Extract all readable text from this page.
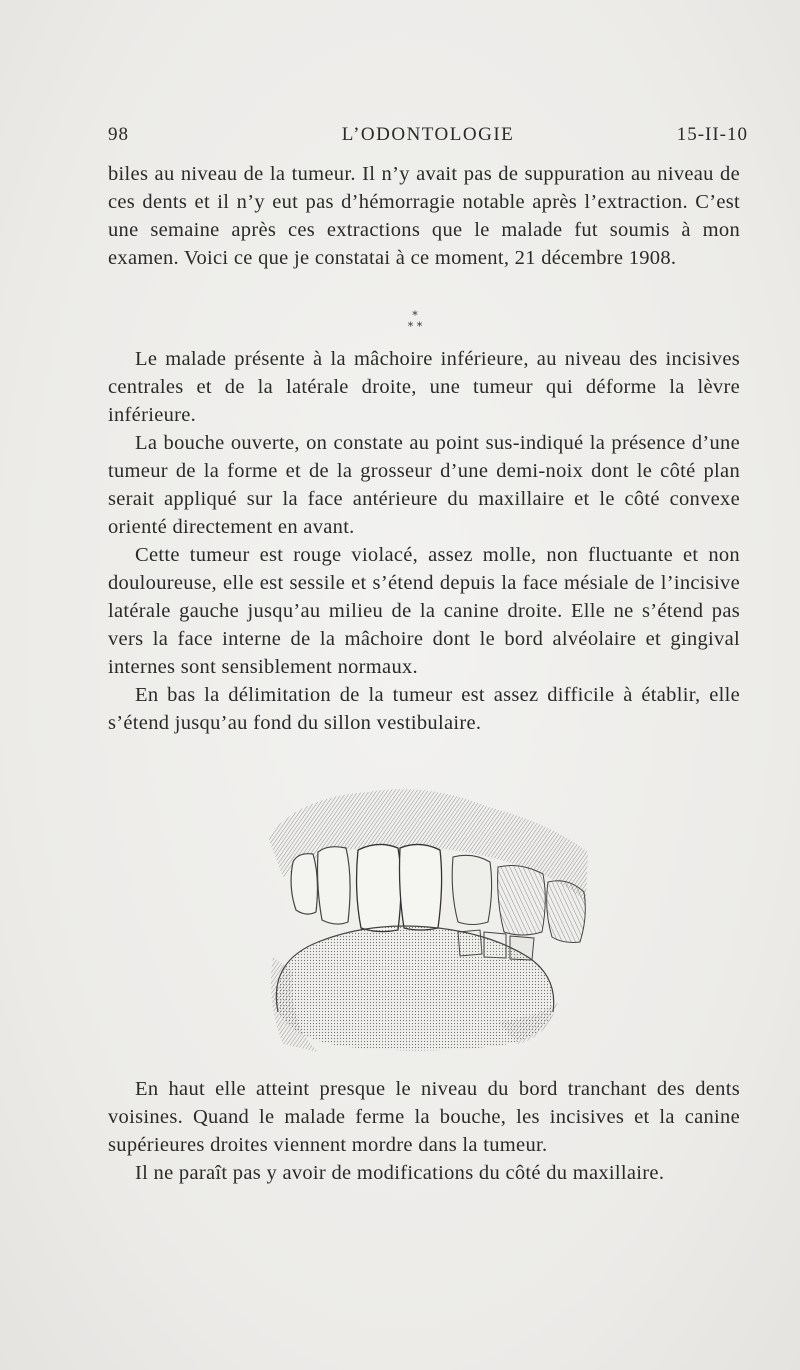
98	L’ODONTOLOGIE	15-II-10

biles au niveau de la tumeur. Il n’y avait pas de suppuration au niveau de ces dents et il n’y eut pas d’hémorragie notable après l’extraction. C’est une semaine après ces extractions que le malade fut soumis à mon examen. Voici ce que je constatai à ce moment, 21 décembre 1908.

*
* *

Le malade présente à la mâchoire inférieure, au niveau des incisives centrales et de la latérale droite, une tumeur qui déforme la lèvre inférieure.

La bouche ouverte, on constate au point sus-indiqué la présence d’une tumeur de la forme et de la grosseur d’une demi-noix dont le côté plan serait appliqué sur la face antérieure du maxillaire et le côté convexe orienté directement en avant.

Cette tumeur est rouge violacé, assez molle, non fluctuante et non douloureuse, elle est sessile et s’étend depuis la face mésiale de l’incisive latérale gauche jusqu’au milieu de la canine droite. Elle ne s’étend pas vers la face interne de la mâchoire dont le bord alvéolaire et gingival internes sont sensiblement normaux.

En bas la délimitation de la tumeur est assez difficile à établir, elle s’étend jusqu’au fond du sillon vestibulaire.

En haut elle atteint presque le niveau du bord tranchant des dents voisines. Quand le malade ferme la bouche, les incisives et la canine supérieures droites viennent mordre dans la tumeur.

Il ne paraît pas y avoir de modifications du côté du maxillaire.
